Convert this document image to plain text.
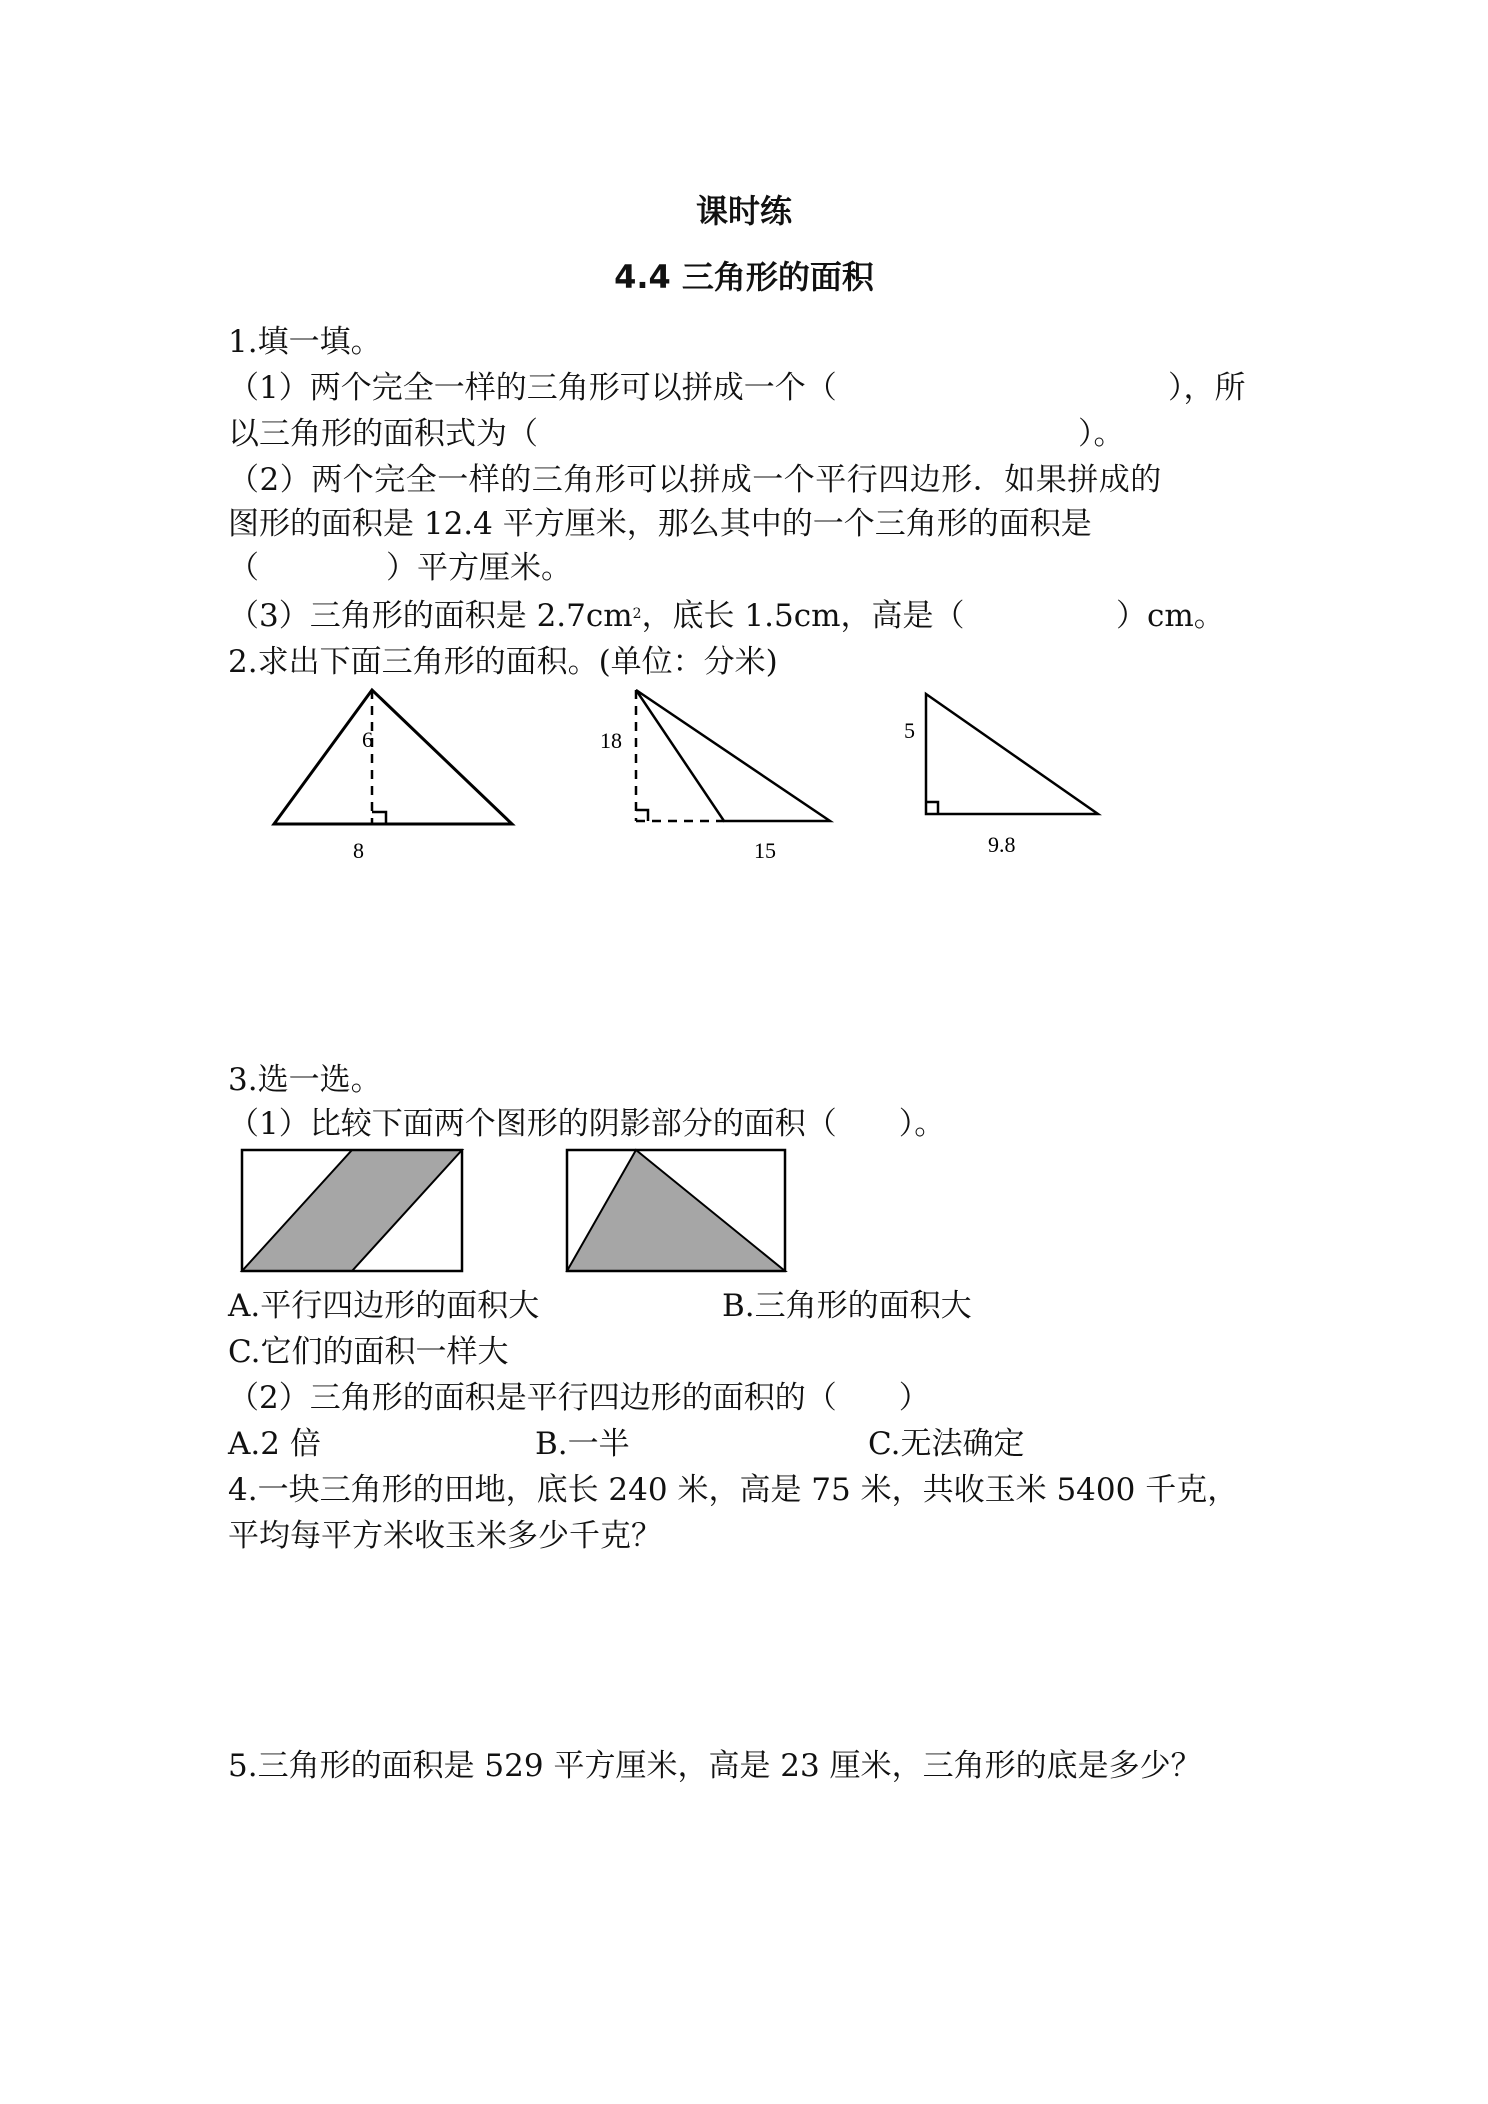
课时练
4.4 三角形的面积
1.填一填。
（1）两个完全一样的三角形可以拼成一个（	），所
以三角形的面积式为（	）。
（2）两个完全一样的三角形可以拼成一个平行四边形．如果拼成的
图形的面积是 12.4 平方厘米，那么其中的一个三角形的面积是
（	）平方厘米。
（3）三角形的面积是 $2.7cm^2$，底长 1.5cm，高是（	）cm。
2.求出下面三角形的面积。(单位：分米)
6
8
18
15
5
9.8
3.选一选。
（1）比较下面两个图形的阴影部分的面积（　　）。
A.平行四边形的面积大	B.三角形的面积大
C.它们的面积一样大
（2）三角形的面积是平行四边形的面积的（　　）
A.2 倍	B.一半	C.无法确定
4.一块三角形的田地，底长 240 米，高是 75 米，共收玉米 5400 千克，
平均每平方米收玉米多少千克？
5.三角形的面积是 529 平方厘米，高是 23 厘米，三角形的底是多少？
